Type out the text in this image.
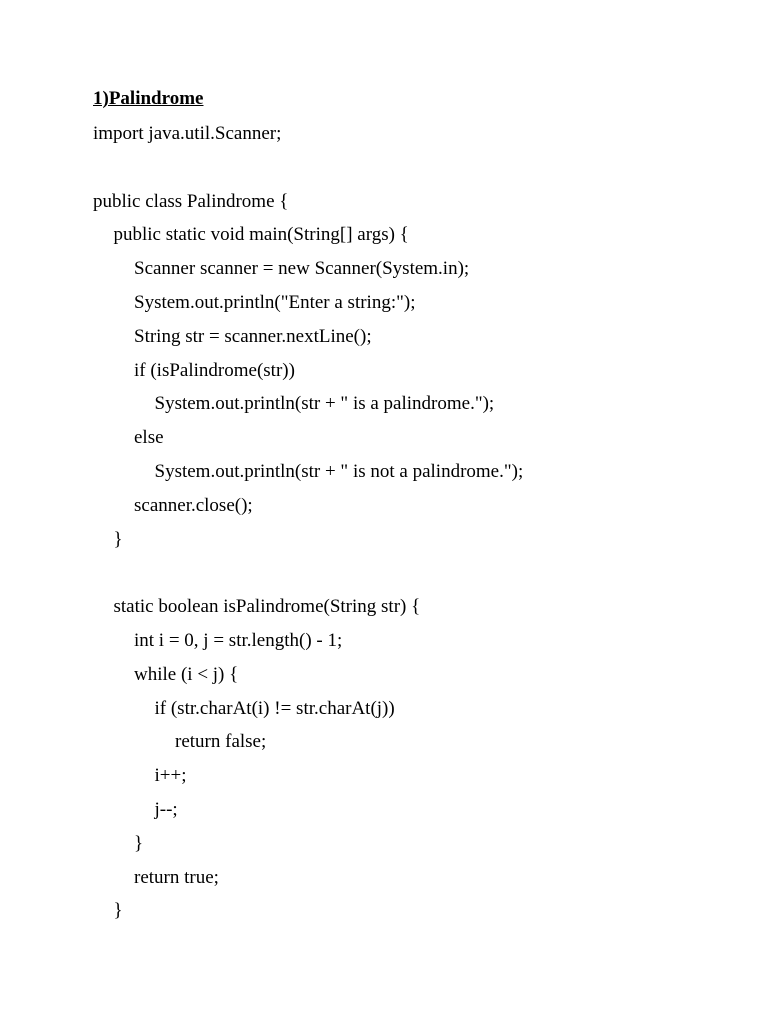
1)Palindrome
import java.util.Scanner;
public class Palindrome {
public static void main(String[] args) {
Scanner scanner = new Scanner(System.in);
System.out.println("Enter a string:");
String str = scanner.nextLine();
if (isPalindrome(str))
System.out.println(str + " is a palindrome.");
else
System.out.println(str + " is not a palindrome.");
scanner.close();
}
static boolean isPalindrome(String str) {
int i = 0, j = str.length() - 1;
while (i < j) {
if (str.charAt(i) != str.charAt(j))
return false;
i++;
j--;
}
return true;
}
